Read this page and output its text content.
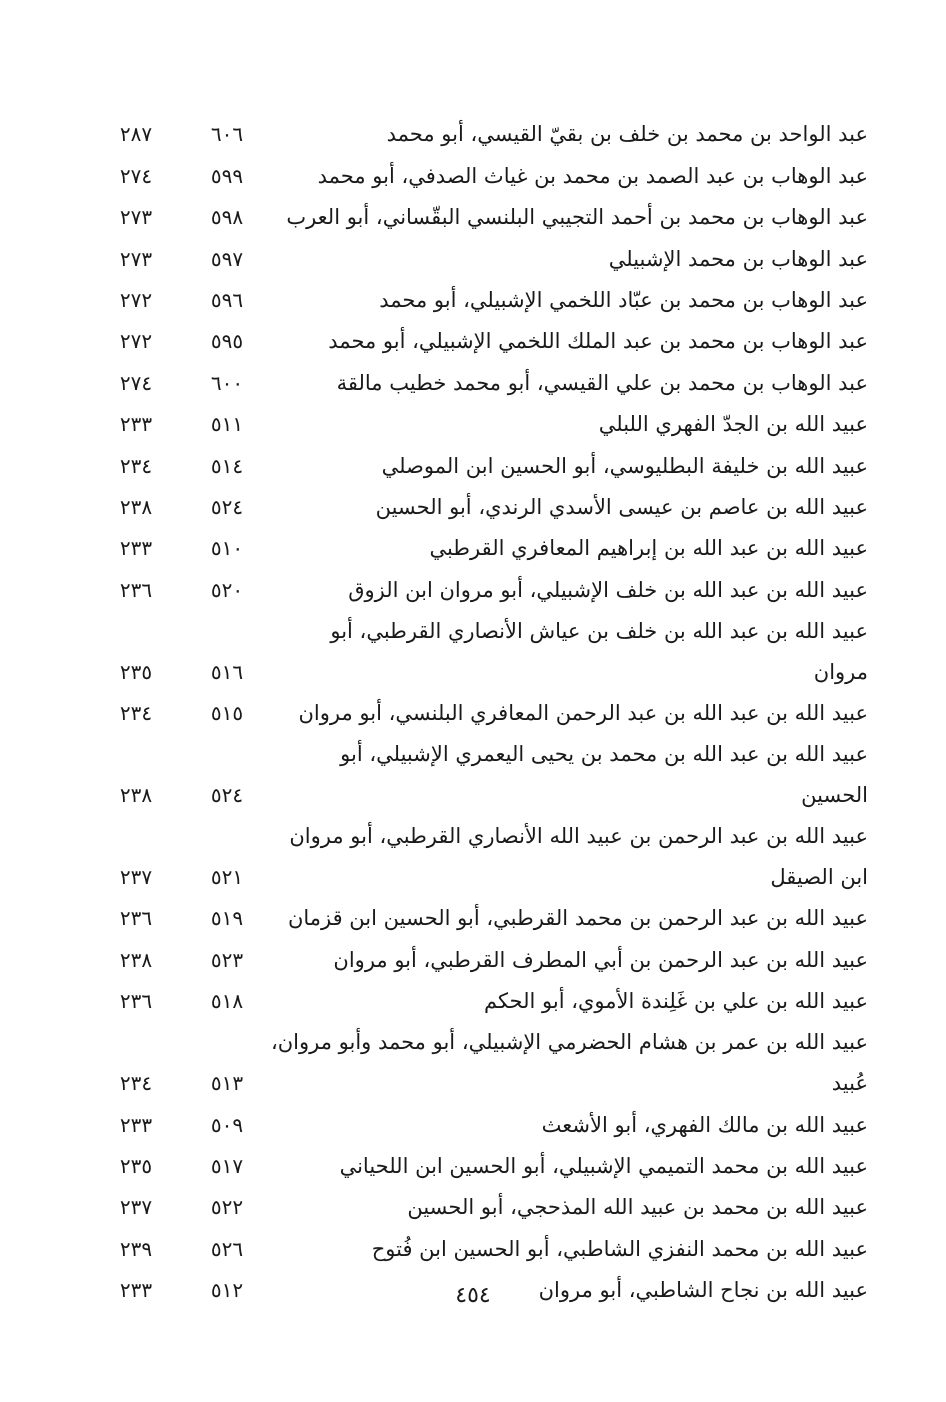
عبد الواحد بن محمد بن خلف بن بقيّ القيسي، أبو محمد
٦٠٦
٢٨٧
عبد الوهاب بن عبد الصمد بن محمد بن غياث الصدفي، أبو محمد
٥٩٩
٢٧٤
عبد الوهاب بن محمد بن أحمد التجيبي البلنسي البقّساني، أبو العرب
٥٩٨
٢٧٣
عبد الوهاب بن محمد الإشبيلي
٥٩٧
٢٧٣
عبد الوهاب بن محمد بن عبّاد اللخمي الإشبيلي، أبو محمد
٥٩٦
٢٧٢
عبد الوهاب بن محمد بن عبد الملك اللخمي الإشبيلي، أبو محمد
٥٩٥
٢٧٢
عبد الوهاب بن محمد بن علي القيسي، أبو محمد خطيب مالقة
٦٠٠
٢٧٤
عبيد الله بن الجدّ الفهري اللبلي
٥١١
٢٣٣
عبيد الله بن خليفة البطليوسي، أبو الحسين ابن الموصلي
٥١٤
٢٣٤
عبيد الله بن عاصم بن عيسى الأسدي الرندي، أبو الحسين
٥٢٤
٢٣٨
عبيد الله بن عبد الله بن إبراهيم المعافري القرطبي
٥١٠
٢٣٣
عبيد الله بن عبد الله بن خلف الإشبيلي، أبو مروان ابن الزوق
٥٢٠
٢٣٦
عبيد الله بن عبد الله بن خلف بن عياش الأنصاري القرطبي، أبو مروان
٥١٦
٢٣٥
عبيد الله بن عبد الله بن عبد الرحمن المعافري البلنسي، أبو مروان
٥١٥
٢٣٤
عبيد الله بن عبد الله بن محمد بن يحيى اليعمري الإشبيلي، أبو الحسين
٥٢٤
٢٣٨
عبيد الله بن عبد الرحمن بن عبيد الله الأنصاري القرطبي، أبو مروان
ابن الصيقل
٥٢١
٢٣٧
عبيد الله بن عبد الرحمن بن محمد القرطبي، أبو الحسين ابن قزمان
٥١٩
٢٣٦
عبيد الله بن عبد الرحمن بن أبي المطرف القرطبي، أبو مروان
٥٢٣
٢٣٨
عبيد الله بن علي بن غَلِندة الأموي، أبو الحكم
٥١٨
٢٣٦
عبيد الله بن عمر بن هشام الحضرمي الإشبيلي، أبو محمد وأبو مروان،
عُبيد
٥١٣
٢٣٤
عبيد الله بن مالك الفهري، أبو الأشعث
٥٠٩
٢٣٣
عبيد الله بن محمد التميمي الإشبيلي، أبو الحسين ابن اللحياني
٥١٧
٢٣٥
عبيد الله بن محمد بن عبيد الله المذحجي، أبو الحسين
٥٢٢
٢٣٧
عبيد الله بن محمد النفزي الشاطبي، أبو الحسين ابن فُتوح
٥٢٦
٢٣٩
عبيد الله بن نجاح الشاطبي، أبو مروان
٥١٢
٢٣٣	٤٥٤
